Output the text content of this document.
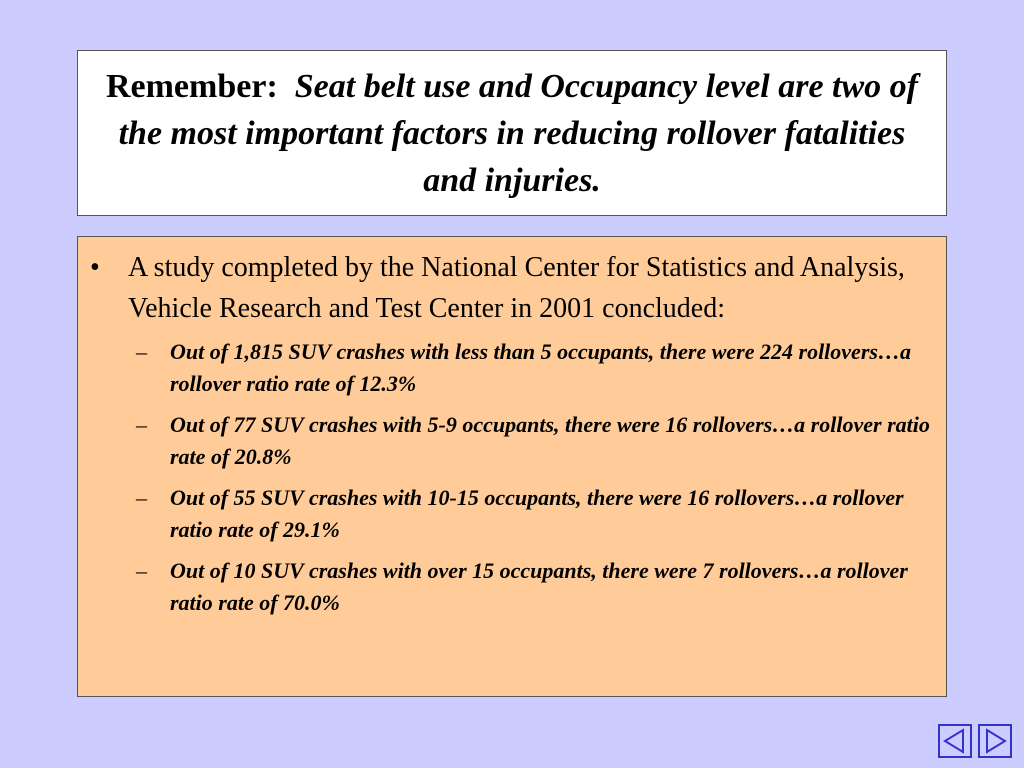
Remember: Seat belt use and Occupancy level are two of the most important factors in reducing rollover fatalities and injuries.

•	A study completed by the National Center for Statistics and Analysis, Vehicle Research and Test Center in 2001 concluded:

–	Out of 1,815 SUV crashes with less than 5 occupants, there were 224 rollovers…a rollover ratio rate of 12.3%
–	Out of 77 SUV crashes with 5-9 occupants, there were 16 rollovers…a rollover ratio rate of 20.8%
–	Out of 55 SUV crashes with 10-15 occupants, there were 16 rollovers…a rollover ratio rate of 29.1%
–	Out of 10 SUV crashes with over 15 occupants, there were 7 rollovers…a rollover ratio rate of 70.0%
